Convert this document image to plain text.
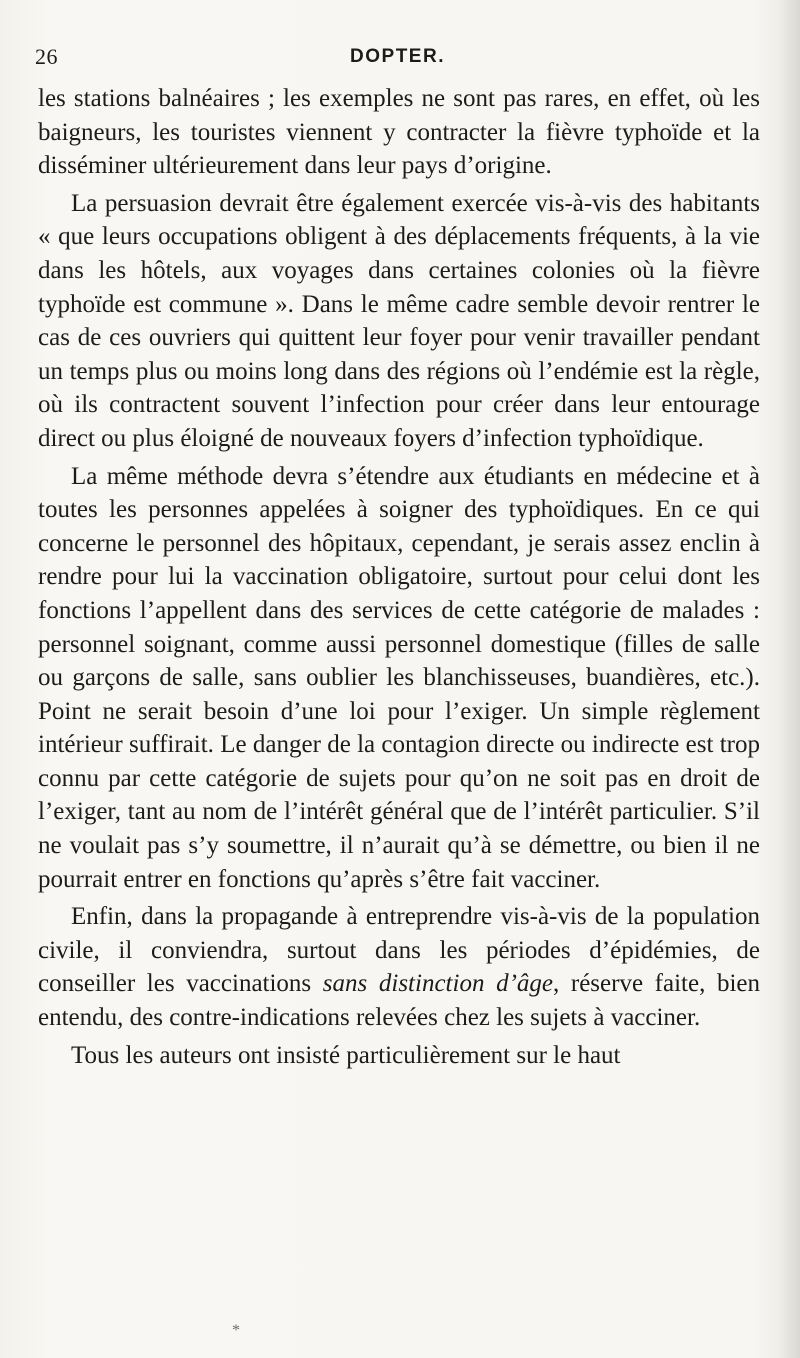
26	DOPTER.

les stations balnéaires ; les exemples ne sont pas rares, en effet, où les baigneurs, les touristes viennent y contracter la fièvre typhoïde et la disséminer ultérieurement dans leur pays d’origine.

La persuasion devrait être également exercée vis-à-vis des habitants « que leurs occupations obligent à des déplacements fréquents, à la vie dans les hôtels, aux voyages dans certaines colonies où la fièvre typhoïde est commune ». Dans le même cadre semble devoir rentrer le cas de ces ouvriers qui quittent leur foyer pour venir travailler pendant un temps plus ou moins long dans des régions où l’endémie est la règle, où ils contractent souvent l’infection pour créer dans leur entourage direct ou plus éloigné de nouveaux foyers d’infection typhoïdique.

La même méthode devra s’étendre aux étudiants en médecine et à toutes les personnes appelées à soigner des typhoïdiques. En ce qui concerne le personnel des hôpitaux, cependant, je serais assez enclin à rendre pour lui la vaccination obligatoire, surtout pour celui dont les fonctions l’appellent dans des services de cette catégorie de malades : personnel soignant, comme aussi personnel domestique (filles de salle ou garçons de salle, sans oublier les blanchisseuses, buandières, etc.). Point ne serait besoin d’une loi pour l’exiger. Un simple règlement intérieur suffirait. Le danger de la contagion directe ou indirecte est trop connu par cette catégorie de sujets pour qu’on ne soit pas en droit de l’exiger, tant au nom de l’intérêt général que de l’intérêt particulier. S’il ne voulait pas s’y soumettre, il n’aurait qu’à se démettre, ou bien il ne pourrait entrer en fonctions qu’après s’être fait vacciner.

Enfin, dans la propagande à entreprendre vis-à-vis de la population civile, il conviendra, surtout dans les périodes d’épidémies, de conseiller les vaccinations sans distinction d’âge, réserve faite, bien entendu, des contre-indications relevées chez les sujets à vacciner.

Tous les auteurs ont insisté particulièrement sur le haut

*
